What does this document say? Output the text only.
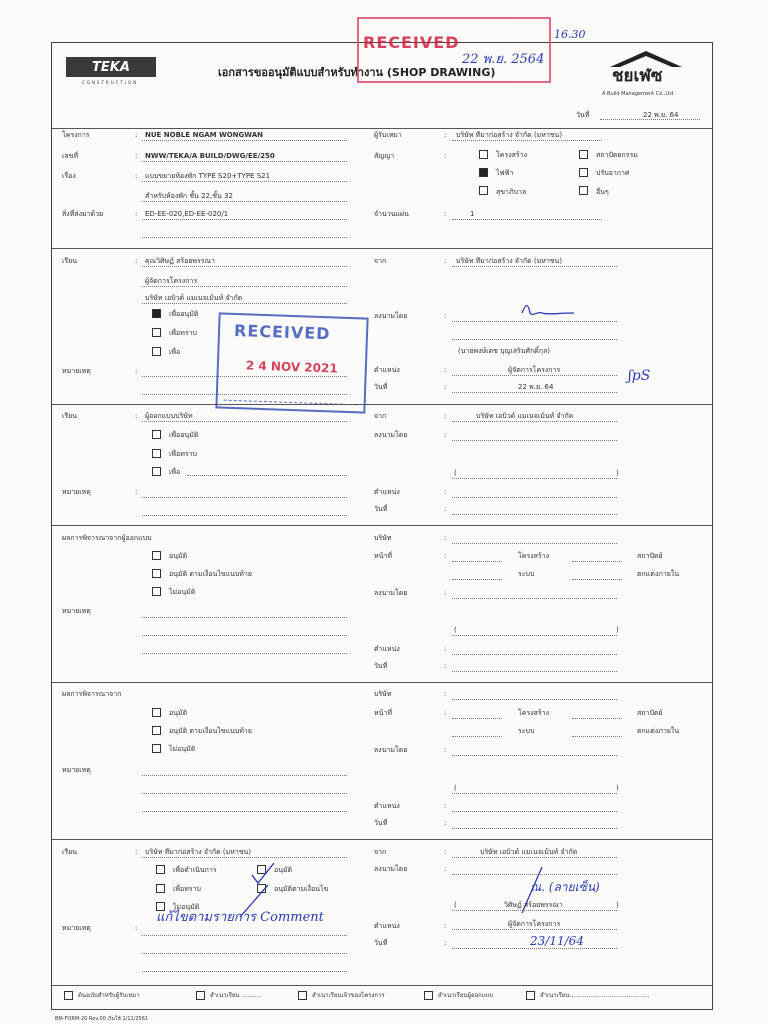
TEKA
CONSTRUCTION
เอกสารขออนุมัติแบบสำหรับทำงาน (SHOP DRAWING)	ชยเฬซ
A Build Management Co.,Ltd
วันที่	22 พ.ย. 64
RECEIVED
22 พ.ย. 2564
16.30
โครงการ	: NUE NOBLE NGAM WONGWAN	ผู้รับเหมา	: บริษัท ทีมาก่อสร้าง จำกัด (มหาชน)
เลขที่	: NWW/TEKA/A BUILD/DWG/EE/250	สัญญา	:	โครงสร้าง	สถาปัตยกรรม
ไฟฟ้า	ปรับอากาศ
สุขาภิบาล	อื่นๆ
เรื่อง	: แบบขยายห้องพัก TYPE S20+TYPE S21
สำหรับห้องพัก ชั้น 22,ชั้น 32
สิ่งที่ส่งมาด้วย	: ED-EE-020,ED-EE-020/1	จำนวนแผ่น	:	1
เรียน	: คุณวิศิษฏ์ สร้อยพรรณา
ผู้จัดการโครงการ
บริษัท เอบิวด์ แมเนจเม้นท์ จำกัด
เพื่ออนุมัติ
เพื่อทราบ
เพื่อ
หมายเหตุ	:
จาก	: บริษัท ทีมาก่อสร้าง จำกัด (มหาชน)
ลงนามโดย	:
(นายพงษ์เดช บุญเสริมศักดิ์กุล)
ตำแหน่ง	:	ผู้จัดการโครงการ
วันที่	:	22 พ.ย. 64
ʃpS
RECEIVED
2 4 NOV 2021
เรียน	: ผู้ออกแบบบริษัท
เพื่ออนุมัติ
เพื่อทราบ
เพื่อ
หมายเหตุ	:
จาก	:	บริษัท เอบิวด์ แมเนจเม้นท์ จำกัด
ลงนามโดย	:
(	)
ตำแหน่ง	:
วันที่	:
ผลการพิจารณาจากผู้ออกแบบ
อนุมัติ
อนุมัติ ตามเงื่อนไขแนบท้าย
ไม่อนุมัติ
หมายเหตุ
บริษัท	:
หน้าที่	:	โครงสร้าง	สถาปัตย์
ระบบ	ตกแต่งภายใน
ลงนามโดย	:
(	)
ตำแหน่ง	:
วันที่	:
ผลการพิจารณาจาก
อนุมัติ
อนุมัติ ตามเงื่อนไขแนบท้าย
ไม่อนุมัติ
หมายเหตุ
บริษัท	:
หน้าที่	:	โครงสร้าง	สถาปัตย์
ระบบ	ตกแต่งภายใน
ลงนามโดย	:
(	)
ตำแหน่ง	:
วันที่	:
เรียน	: บริษัท ทีมาก่อสร้าง จำกัด (มหาชน)
เพื่อดำเนินการ	อนุมัติ
เพื่อทราบ	อนุมัติตามเงื่อนไข
ไม่อนุมัติ
หมายเหตุ	:
แก้ไขตามรายการ Comment
จาก	:	บริษัท เอบิวด์ แมเนจเม้นท์ จำกัด
ลงนามโดย	:
ณ. (ลายเซ็น)
(	วิศิษฏ์ สร้อยพรรณา	)
ตำแหน่ง	:	ผู้จัดการโครงการ
วันที่	:	23/11/64
ต้นฉบับสำหรับผู้รับเหมา	สำเนาเรียน ..........	สำเนาเรียนเจ้าของโครงการ	สำเนาเรียนผู้ออกแบบ	สำเนาเรียน..........................................
BM-FORM-20 Rev.00 เริ่มใช้ 1/11/2561
